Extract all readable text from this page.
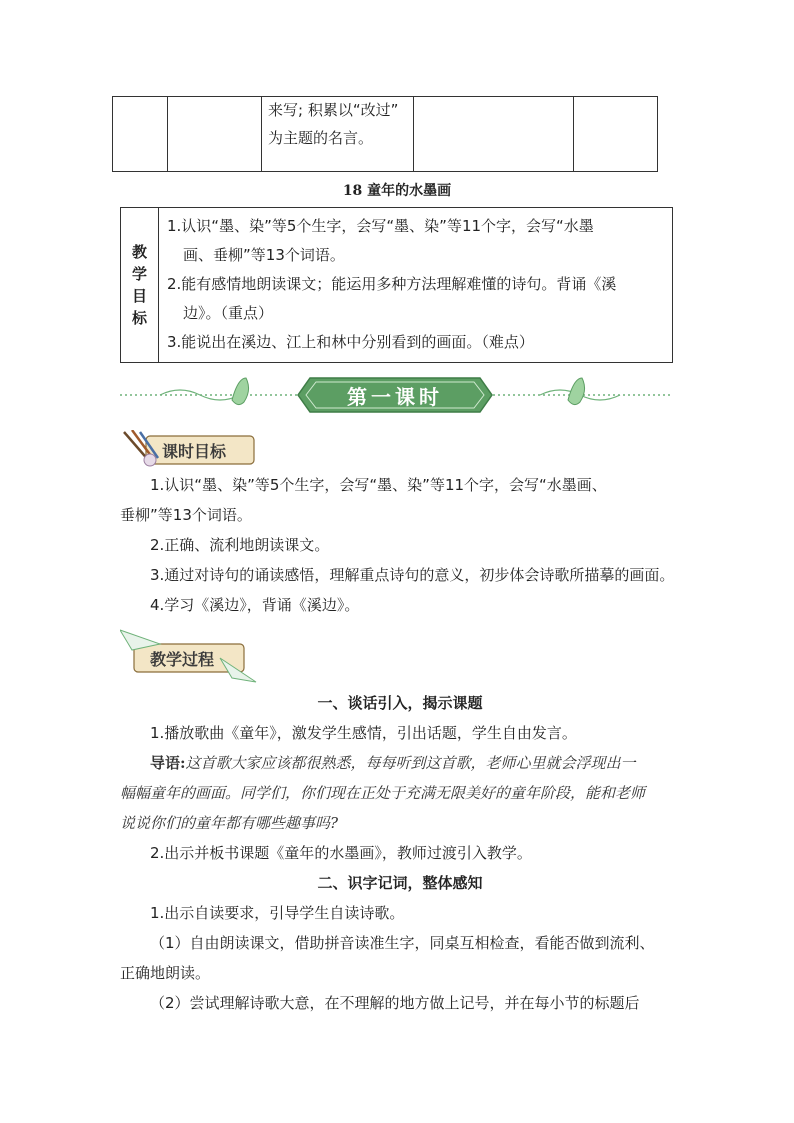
来写; 积累以“改过”
为主题的名言。
18 童年的水墨画
教
学
目
标

1.认识“墨、染”等5个生字，会写“墨、染”等11个字，会写“水墨

画、垂柳”等13个词语。

2.能有感情地朗读课文；能运用多种方法理解难懂的诗句。背诵《溪

边》。（重点）

3.能说出在溪边、江上和林中分别看到的画面。（难点）

第一课时
课时目标

1.认识“墨、染”等5个生字，会写“墨、染”等11个字，会写“水墨画、

垂柳”等13个词语。

2.正确、流利地朗读课文。

3.通过对诗句的诵读感悟，理解重点诗句的意义，初步体会诗歌所描摹的画面。

4.学习《溪边》，背诵《溪边》。

教学过程

一、谈话引入，揭示课题

1.播放歌曲《童年》，激发学生感情，引出话题，学生自由发言。

导语:这首歌大家应该都很熟悉，每每听到这首歌，老师心里就会浮现出一

幅幅童年的画面。同学们，你们现在正处于充满无限美好的童年阶段，能和老师

说说你们的童年都有哪些趣事吗?

2.出示并板书课题《童年的水墨画》，教师过渡引入教学。

二、识字记词，整体感知

1.出示自读要求，引导学生自读诗歌。

（1）自由朗读课文，借助拼音读准生字，同桌互相检查，看能否做到流利、

正确地朗读。

（2）尝试理解诗歌大意，在不理解的地方做上记号，并在每小节的标题后
